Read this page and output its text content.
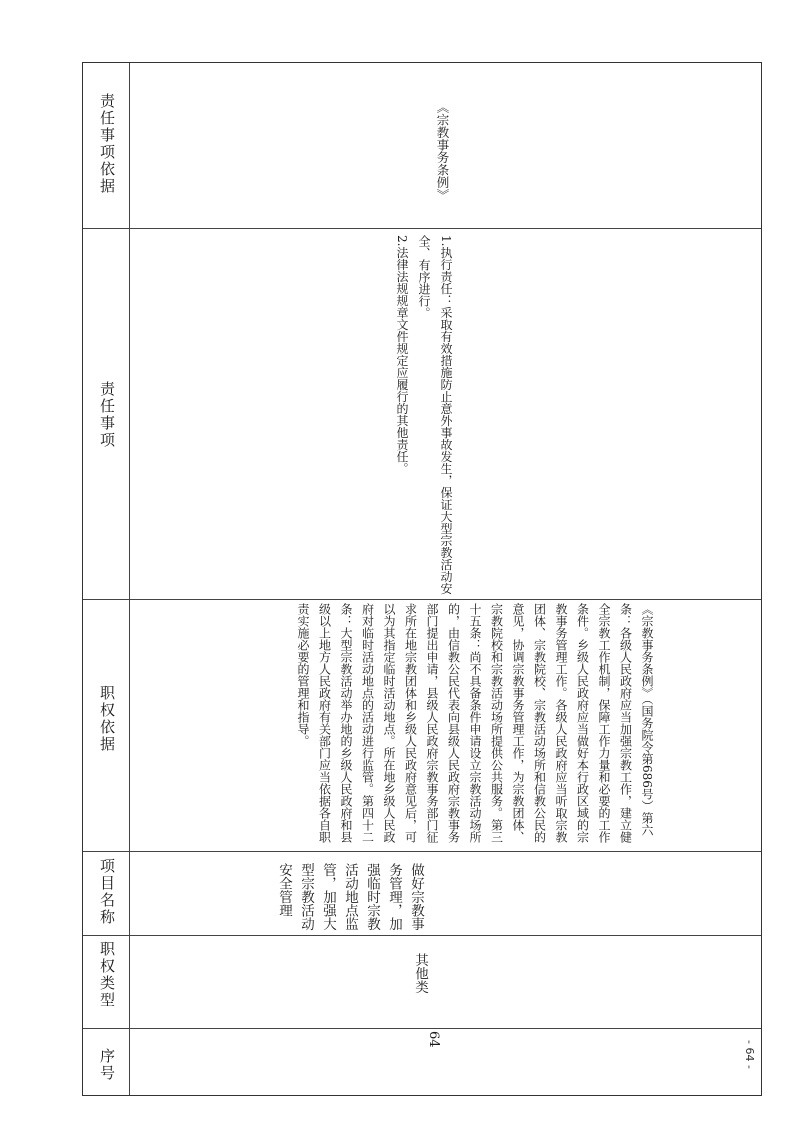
序号
职权类型
项目名称
职权依据
责任事项
责任事项依据
64
其他类
做好宗教事务管理，加强临时宗教活动地点监管，加强大型宗教活动安全管理
《宗教事务条例》（国务院令第686号）第六条：各级人民政府应当加强宗教工作，建立健全宗教工作机制，保障工作力量和必要的工作条件。乡级人民政府应当做好本行政区域的宗教事务管理工作。各级人民政府应当听取宗教团体、宗教院校、宗教活动场所和信教公民的意见，协调宗教事务管理工作，为宗教团体、宗教院校和宗教活动场所提供公共服务。第三十五条：尚不具备条件申请设立宗教活动场所的，由信教公民代表向县级人民政府宗教事务部门提出申请，县级人民政府宗教事务部门征求所在地宗教团体和乡级人民政府意见后，可以为其指定临时活动地点。所在地乡级人民政府对临时活动地点的活动进行监管。第四十二条：大型宗教活动举办地的乡级人民政府和县级以上地方人民政府有关部门应当依据各自职责实施必要的管理和指导。
1.执行责任：采取有效措施防止意外事故发生，保证大型宗教活动安全、有序进行。
2.法律法规规章文件规定应履行的其他责任。
《宗教事务条例》
- 64 -
